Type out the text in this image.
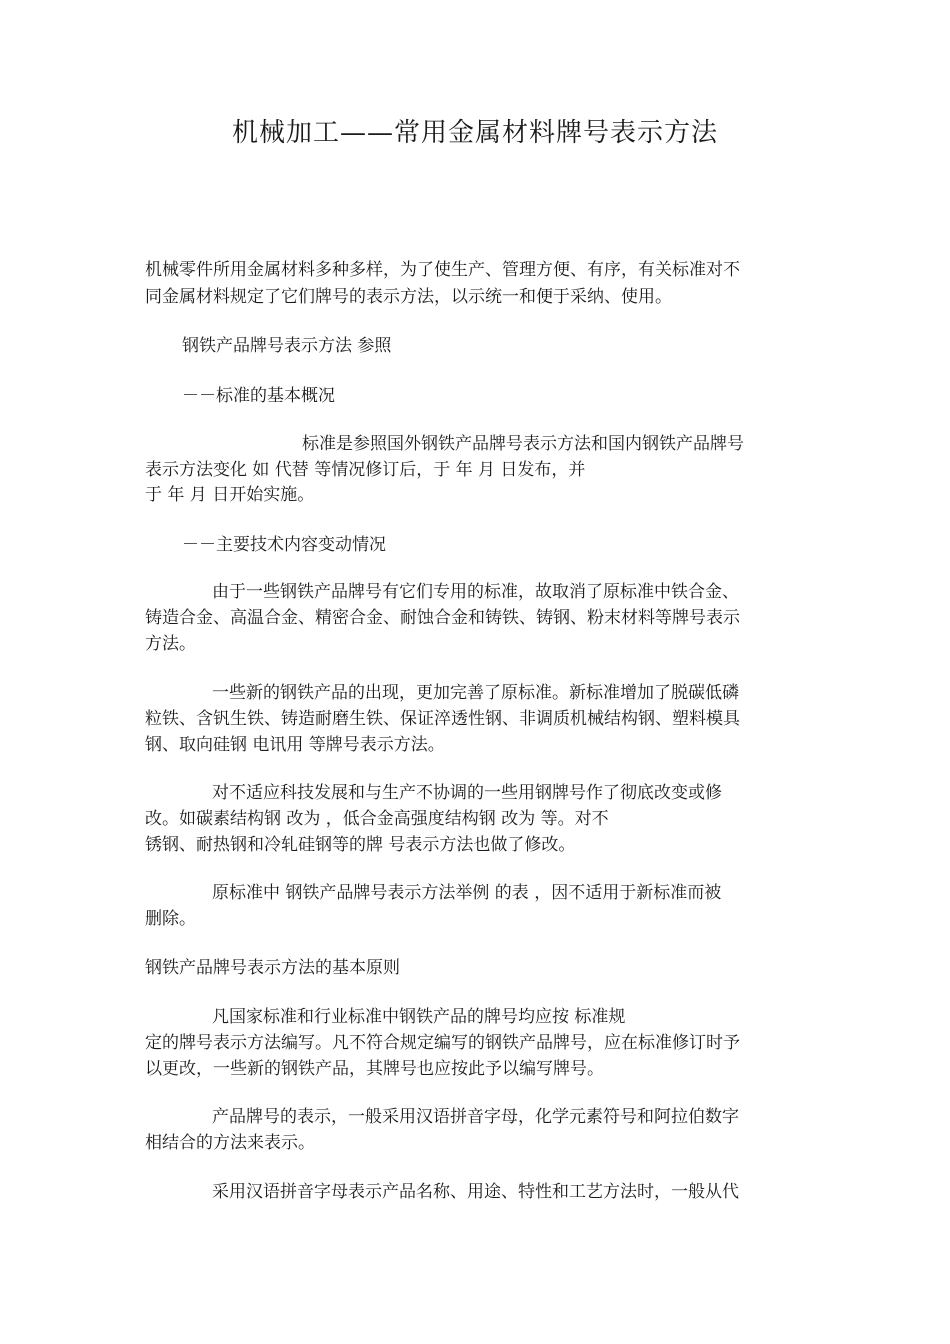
机械加工——常用金属材料牌号表示方法

机械零件所用金属材料多种多样，为了使生产、管理方便、有序，有关标准对不

同金属材料规定了它们牌号的表示方法，以示统一和便于采纳、使用。

钢铁产品牌号表示方法 参照

－－标准的基本概况

标准是参照国外钢铁产品牌号表示方法和国内钢铁产品牌号

表示方法变化 如 代替 等情况修订后，于 年 月 日发布，并

于 年 月 日开始实施。

－－主要技术内容变动情况

由于一些钢铁产品牌号有它们专用的标准，故取消了原标准中铁合金、

铸造合金、高温合金、精密合金、耐蚀合金和铸铁、铸钢、粉末材料等牌号表示

方法。

一些新的钢铁产品的出现，更加完善了原标准。新标准增加了脱碳低磷

粒铁、含钒生铁、铸造耐磨生铁、保证淬透性钢、非调质机械结构钢、塑料模具

钢、取向硅钢 电讯用 等牌号表示方法。

对不适应科技发展和与生产不协调的一些用钢牌号作了彻底改变或修

改。如碳素结构钢 改为 ，低合金高强度结构钢 改为 等。对不

锈钢、耐热钢和冷轧硅钢等的牌 号表示方法也做了修改。

原标准中 钢铁产品牌号表示方法举例 的表 ，因不适用于新标准而被

删除。

钢铁产品牌号表示方法的基本原则

凡国家标准和行业标准中钢铁产品的牌号均应按 标准规

定的牌号表示方法编写。凡不符合规定编写的钢铁产品牌号，应在标准修订时予

以更改，一些新的钢铁产品，其牌号也应按此予以编写牌号。

产品牌号的表示，一般采用汉语拼音字母，化学元素符号和阿拉伯数字

相结合的方法来表示。

采用汉语拼音字母表示产品名称、用途、特性和工艺方法时，一般从代
